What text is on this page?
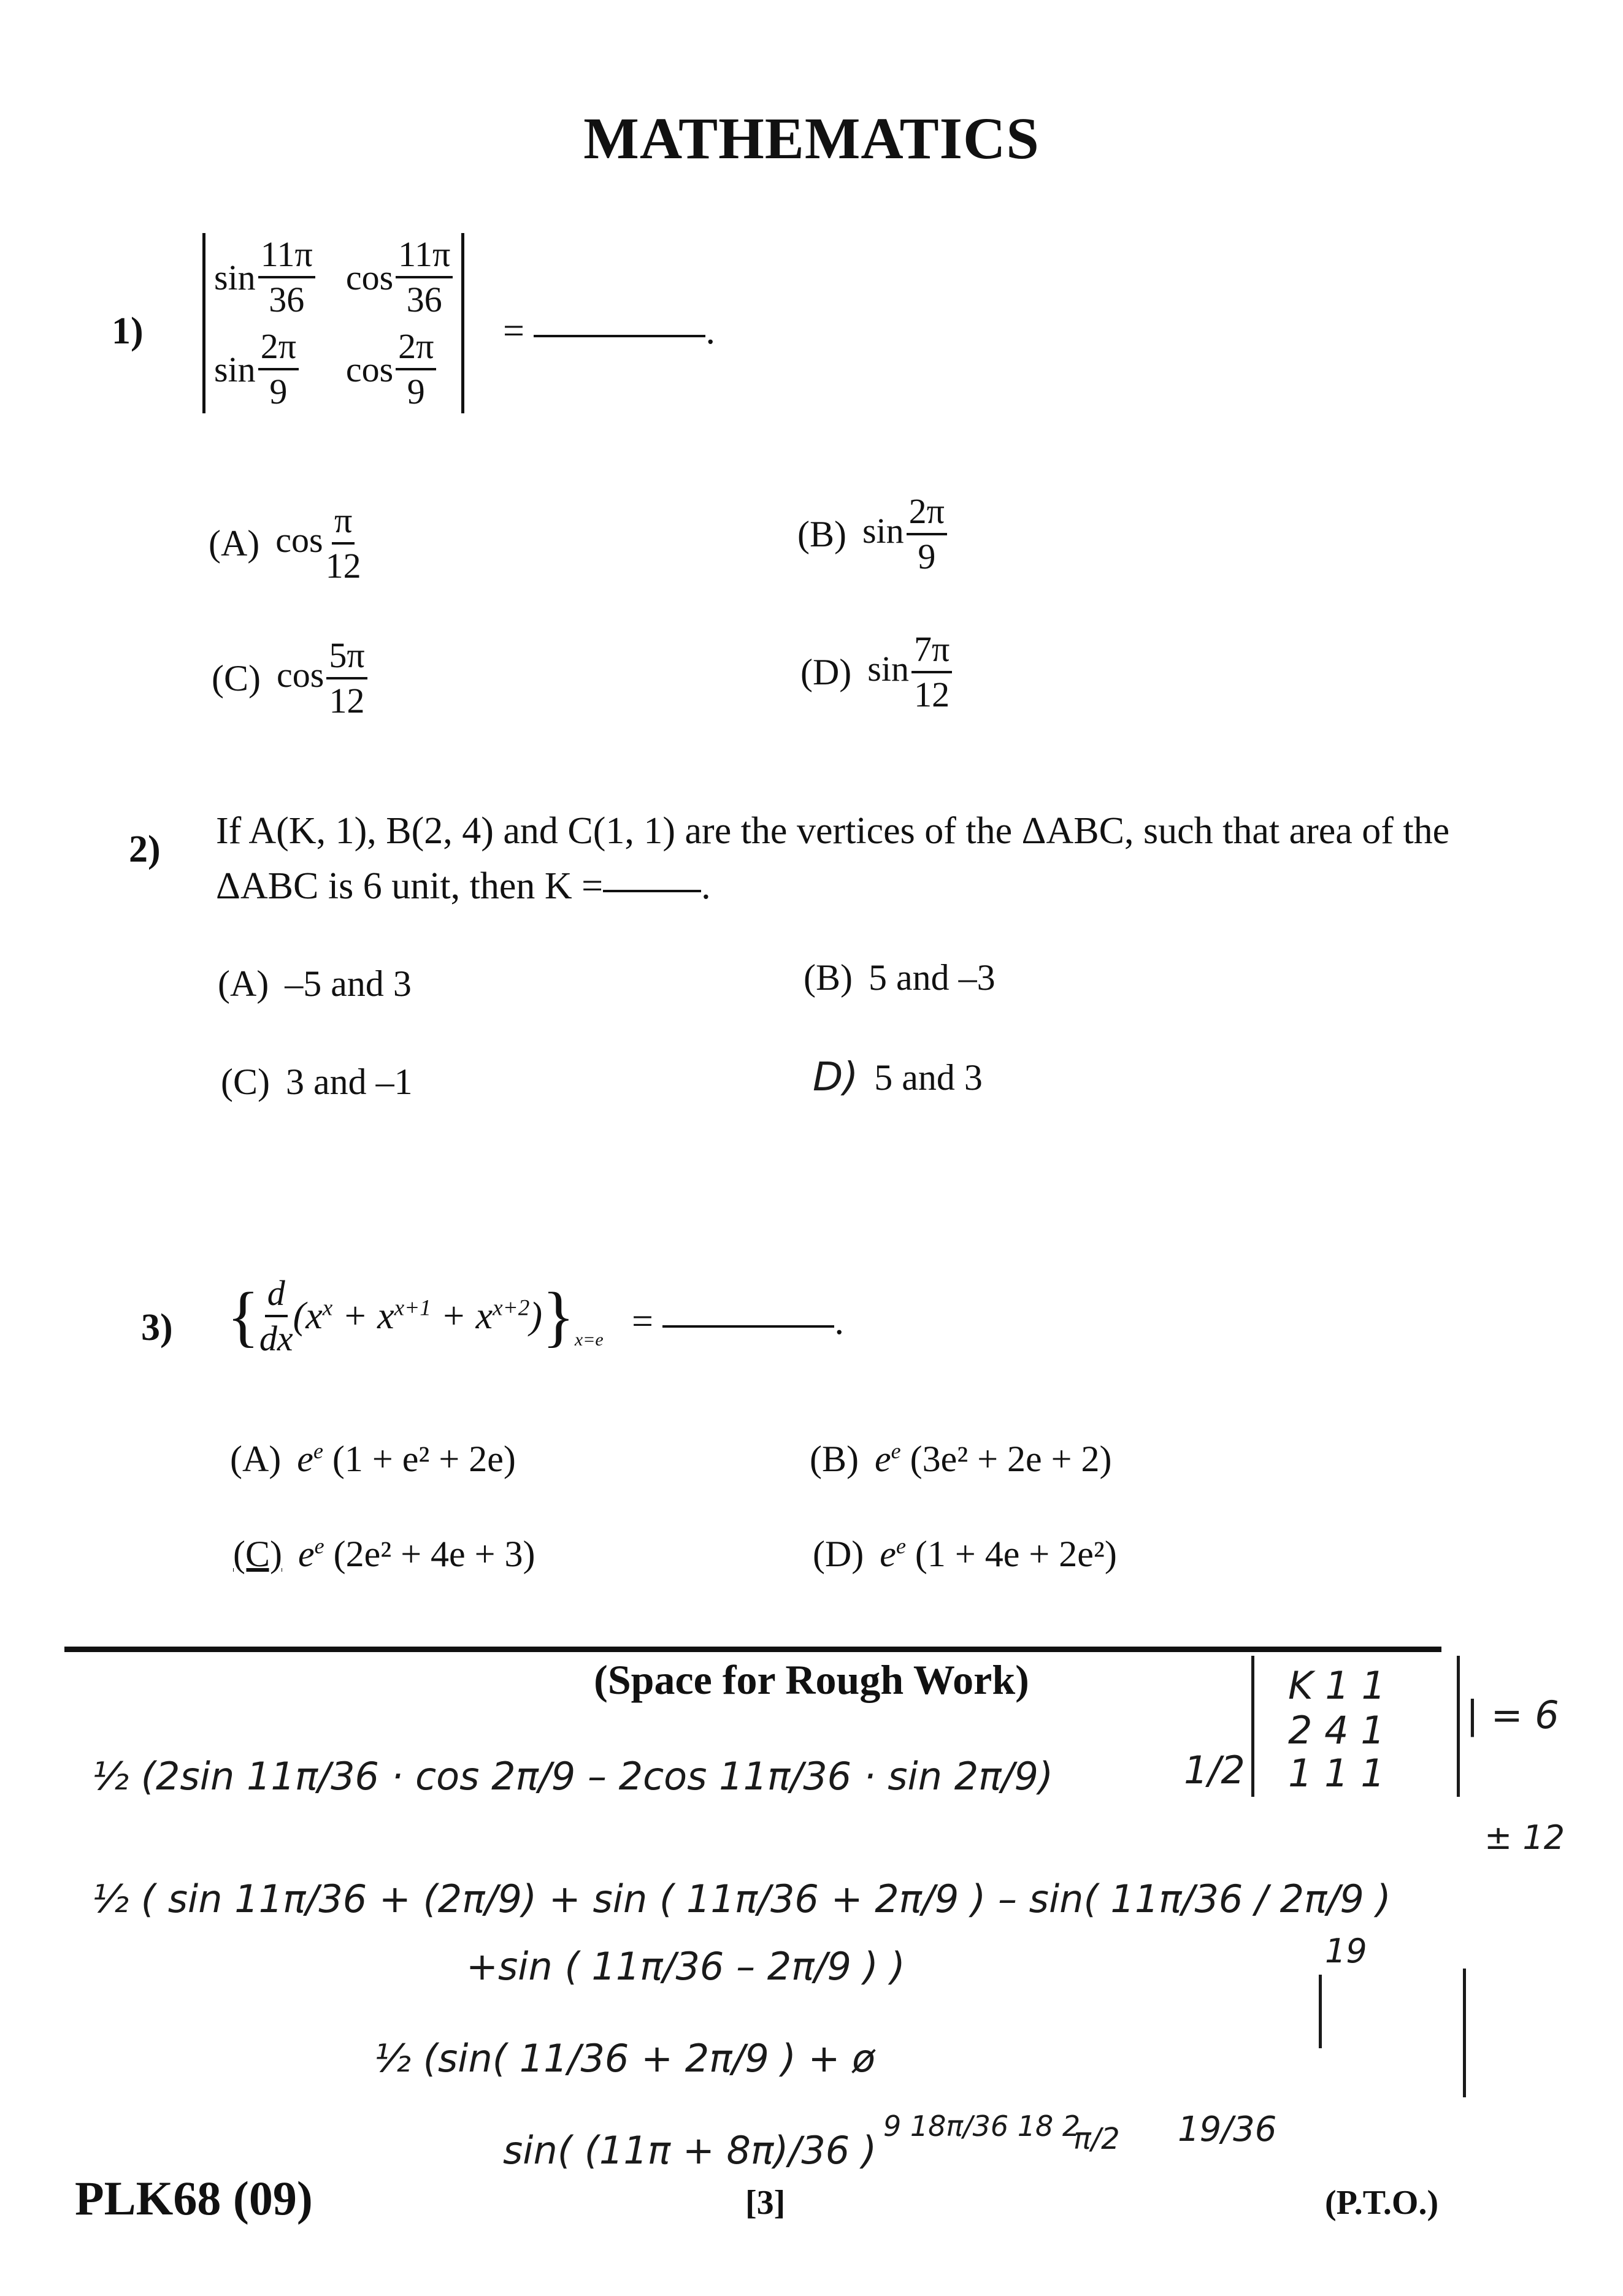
MATHEMATICS
1)
$\sin \frac{11\pi}{36}$ $\cos \frac{11\pi}{36}$
$\sin \frac{2\pi}{9}$ $\cos \frac{2\pi}{9}$ =	.
(A) $\cos \frac{\pi}{12}$	(B) $\sin \frac{2\pi}{9}$
(C) $\cos \frac{5\pi}{12}$	(D) $\sin \frac{7\pi}{12}$
2) If A(K, 1), B(2, 4) and C(1, 1) are the vertices of the ΔABC, such that area of the
ΔABC is 6 unit, then K =	.
(A) –5 and 3	(B) 5 and –3
(C) 3 and –1	D) 5 and 3
3) { $\frac{d}{dx} (x^x + x^{x+1} + x^{x+2})$ } x=e =	.
(A) $e^e$ (1 + e² + 2e)	(B) $e^e$ (3e² + 2e + 2)
(C) $e^e$ (2e² + 4e + 3)	(D) $e^e$ (1 + 4e + 2e²)
(Space for Rough Work)
½ (2sin 11π/36 · cos 2π/9 – 2cos 11π/36 · sin 2π/9)
½ ( sin 11π/36 + (2π/9) + sin ( 11π/36 + 2π/9 ) – sin( 11π/36 / 2π/9 )
+sin ( 11π/36 – 2π/9 ) )
½ (sin( 11/36 + 2π/9 ) + ø
sin( (11π + 8π)/36 )
1/2
K 1 1
2 4 1
1 1 1
| = 6
± 12
19
19/36
π/2
9 18π/36 18 2
PLK68 (09)	[3]	(P.T.O.)
